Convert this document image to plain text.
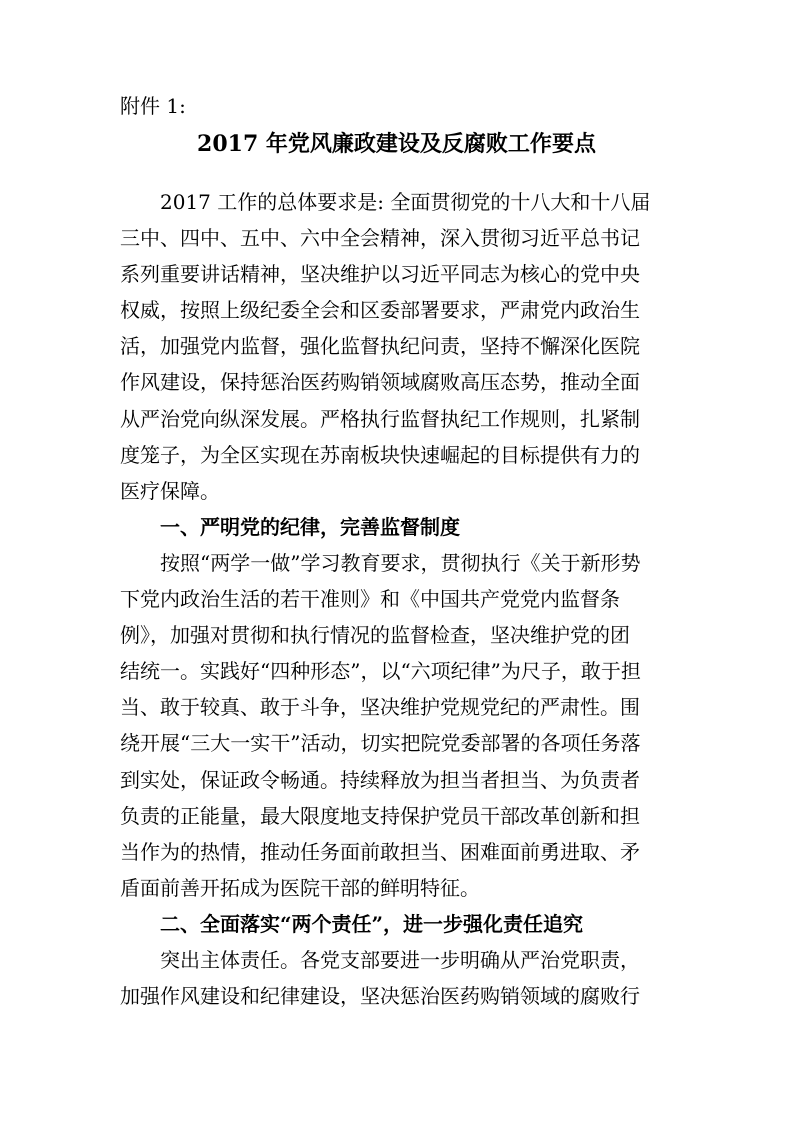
附件 1:
2017 年党风廉政建设及反腐败工作要点
2017 工作的总体要求是: 全面贯彻党的十八大和十八届
三中、四中、五中、六中全会精神，深入贯彻习近平总书记
系列重要讲话精神，坚决维护以习近平同志为核心的党中央
权威，按照上级纪委全会和区委部署要求，严肃党内政治生
活，加强党内监督，强化监督执纪问责，坚持不懈深化医院
作风建设，保持惩治医药购销领域腐败高压态势，推动全面
从严治党向纵深发展。严格执行监督执纪工作规则，扎紧制
度笼子，为全区实现在苏南板块快速崛起的目标提供有力的
医疗保障。
一、严明党的纪律，完善监督制度
按照“两学一做”学习教育要求，贯彻执行《关于新形势
下党内政治生活的若干准则》和《中国共产党党内监督条
例》，加强对贯彻和执行情况的监督检查，坚决维护党的团
结统一。实践好“四种形态”，以“六项纪律”为尺子，敢于担
当、敢于较真、敢于斗争，坚决维护党规党纪的严肃性。围
绕开展“三大一实干”活动，切实把院党委部署的各项任务落
到实处，保证政令畅通。持续释放为担当者担当、为负责者
负责的正能量，最大限度地支持保护党员干部改革创新和担
当作为的热情，推动任务面前敢担当、困难面前勇进取、矛
盾面前善开拓成为医院干部的鲜明特征。
二、全面落实“两个责任”，进一步强化责任追究
突出主体责任。各党支部要进一步明确从严治党职责，
加强作风建设和纪律建设，坚决惩治医药购销领域的腐败行
